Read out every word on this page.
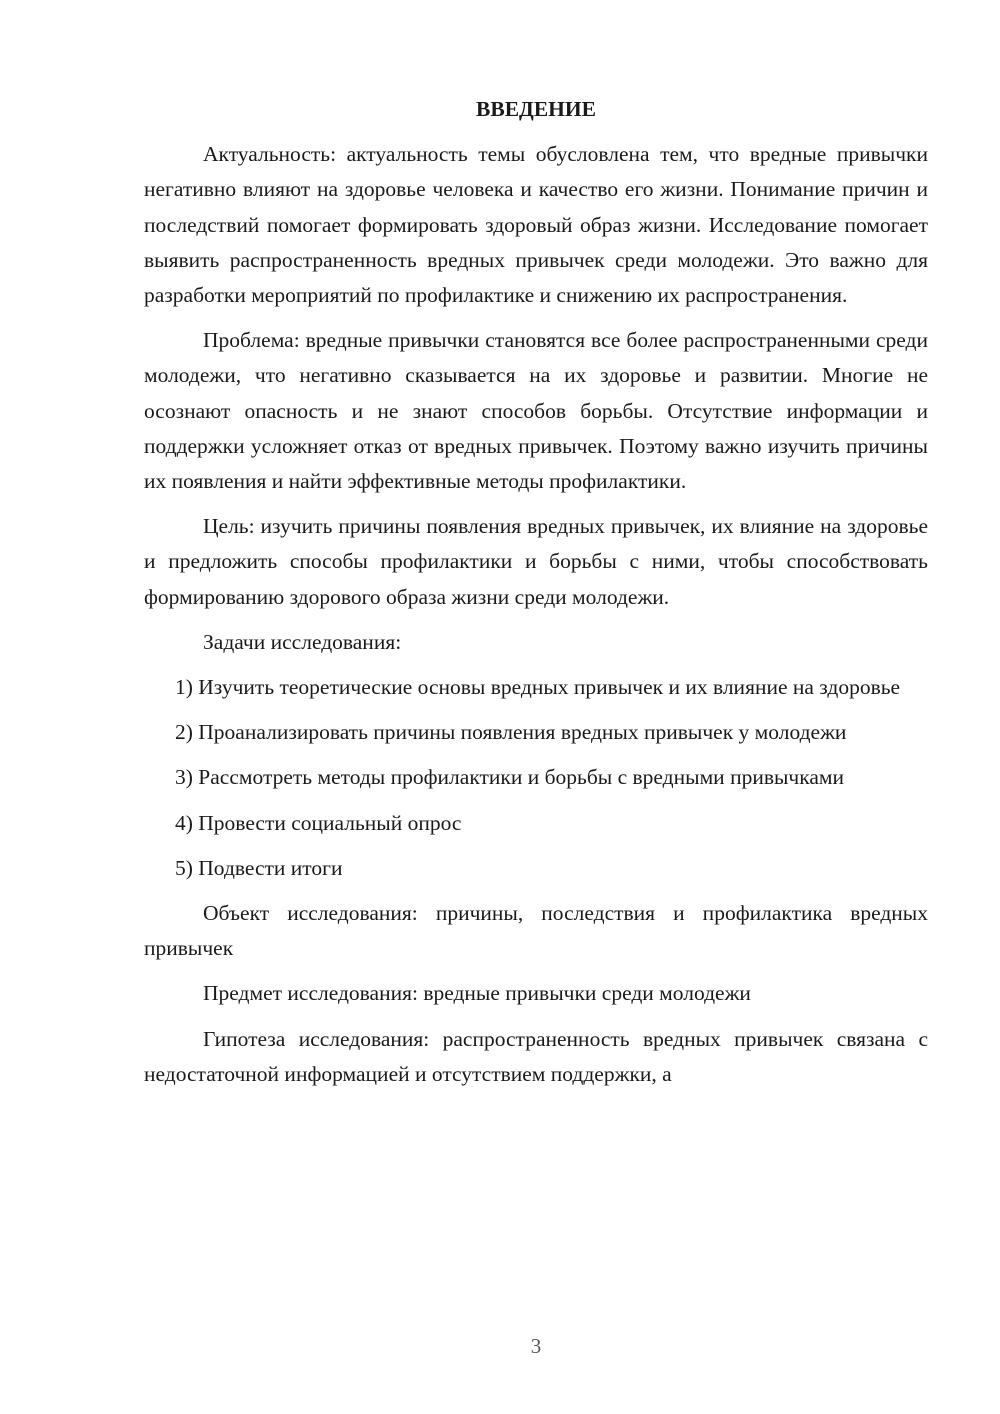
ВВЕДЕНИЕ

Актуальность: актуальность темы обусловлена тем, что вредные привычки негативно влияют на здоровье человека и качество его жизни. Понимание причин и последствий помогает формировать здоровый образ жизни. Исследование помогает выявить распространенность вредных привычек среди молодежи. Это важно для разработки мероприятий по профилактике и снижению их распространения.

Проблема: вредные привычки становятся все более распространенными среди молодежи, что негативно сказывается на их здоровье и развитии. Многие не осознают опасность и не знают способов борьбы. Отсутствие информации и поддержки усложняет отказ от вредных привычек. Поэтому важно изучить причины их появления и найти эффективные методы профилактики.

Цель: изучить причины появления вредных привычек, их влияние на здоровье и предложить способы профилактики и борьбы с ними, чтобы способствовать формированию здорового образа жизни среди молодежи.

Задачи исследования:

1) Изучить теоретические основы вредных привычек и их влияние на здоровье

2) Проанализировать причины появления вредных привычек у молодежи

3) Рассмотреть методы профилактики и борьбы с вредными привычками

4) Провести социальный опрос

5) Подвести итоги

Объект исследования: причины, последствия и профилактика вредных привычек

Предмет исследования: вредные привычки среди молодежи

Гипотеза исследования: распространенность вредных привычек связана с недостаточной информацией и отсутствием поддержки, а

3
